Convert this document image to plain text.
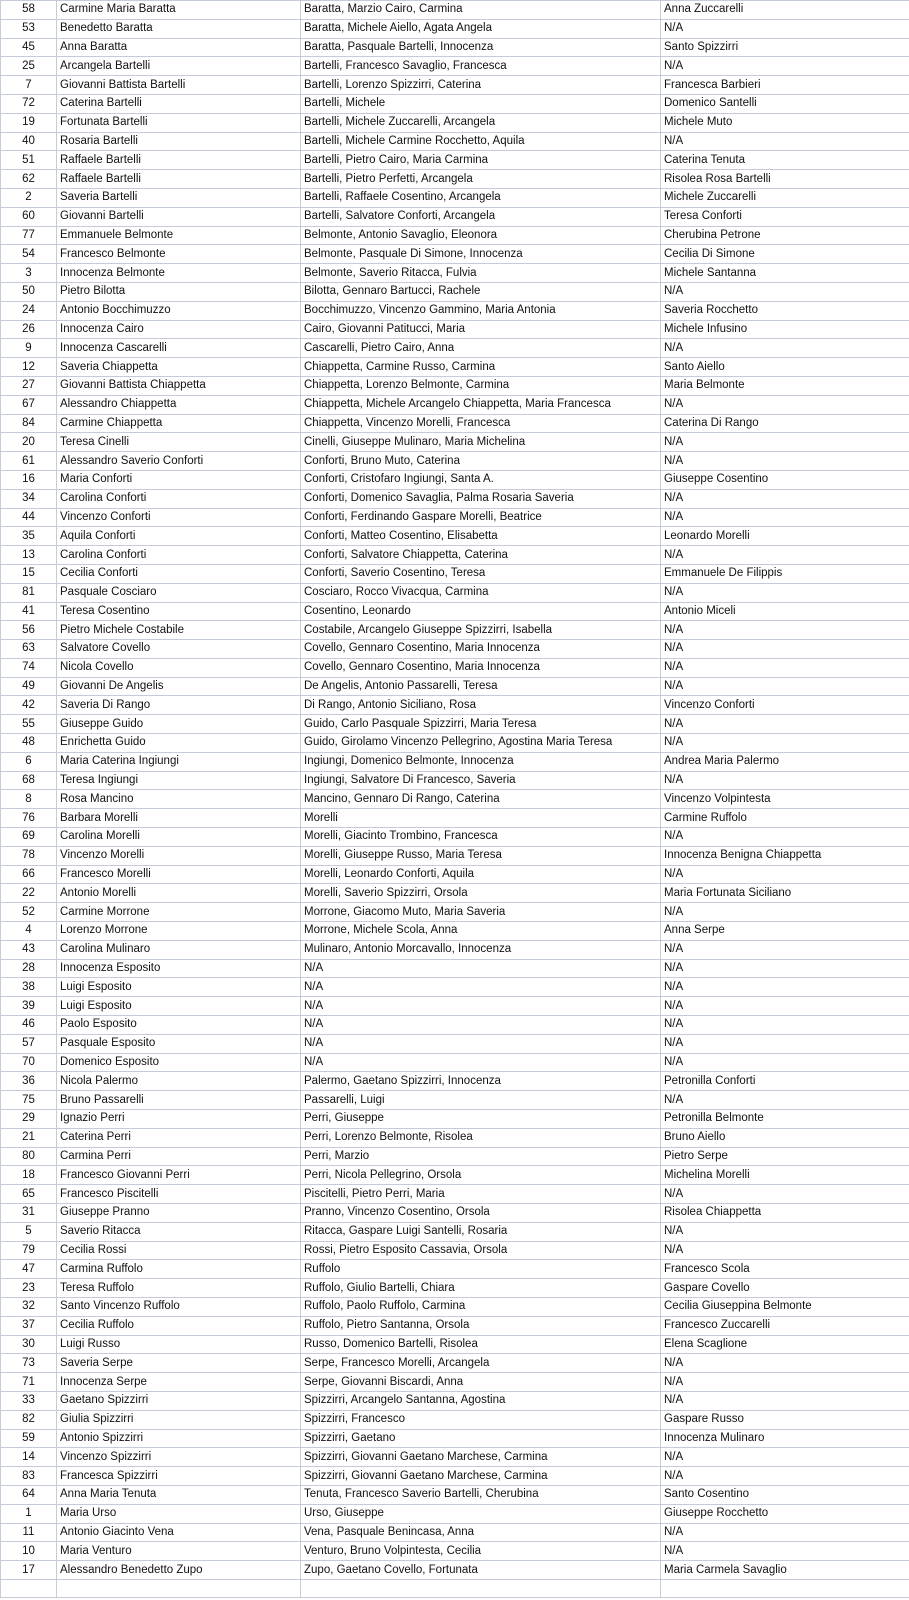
58	Carmine Maria Baratta	Baratta, Marzio Cairo, Carmina	Anna Zuccarelli
53	Benedetto Baratta	Baratta, Michele Aiello, Agata Angela	N/A
45	Anna Baratta	Baratta, Pasquale Bartelli, Innocenza	Santo Spizzirri
25	Arcangela Bartelli	Bartelli, Francesco Savaglio, Francesca	N/A
7	Giovanni Battista Bartelli	Bartelli, Lorenzo Spizzirri, Caterina	Francesca Barbieri
72	Caterina Bartelli	Bartelli, Michele	Domenico Santelli
19	Fortunata Bartelli	Bartelli, Michele Zuccarelli, Arcangela	Michele Muto
40	Rosaria Bartelli	Bartelli, Michele Carmine Rocchetto, Aquila	N/A
51	Raffaele Bartelli	Bartelli, Pietro Cairo, Maria Carmina	Caterina Tenuta
62	Raffaele Bartelli	Bartelli, Pietro Perfetti, Arcangela	Risolea Rosa Bartelli
2	Saveria Bartelli	Bartelli, Raffaele Cosentino, Arcangela	Michele Zuccarelli
60	Giovanni Bartelli	Bartelli, Salvatore Conforti, Arcangela	Teresa Conforti
77	Emmanuele Belmonte	Belmonte, Antonio Savaglio, Eleonora	Cherubina Petrone
54	Francesco Belmonte	Belmonte, Pasquale Di Simone, Innocenza	Cecilia Di Simone
3	Innocenza Belmonte	Belmonte, Saverio Ritacca, Fulvia	Michele Santanna
50	Pietro Bilotta	Bilotta, Gennaro Bartucci, Rachele	N/A
24	Antonio Bocchimuzzo	Bocchimuzzo, Vincenzo Gammino, Maria Antonia	Saveria Rocchetto
26	Innocenza Cairo	Cairo, Giovanni Patitucci, Maria	Michele Infusino
9	Innocenza Cascarelli	Cascarelli, Pietro Cairo, Anna	N/A
12	Saveria Chiappetta	Chiappetta, Carmine Russo, Carmina	Santo Aiello
27	Giovanni Battista Chiappetta	Chiappetta, Lorenzo Belmonte, Carmina	Maria Belmonte
67	Alessandro Chiappetta	Chiappetta, Michele Arcangelo Chiappetta, Maria Francesca	N/A
84	Carmine Chiappetta	Chiappetta, Vincenzo Morelli, Francesca	Caterina Di Rango
20	Teresa Cinelli	Cinelli, Giuseppe Mulinaro, Maria Michelina	N/A
61	Alessandro Saverio Conforti	Conforti, Bruno Muto, Caterina	N/A
16	Maria Conforti	Conforti, Cristofaro Ingiungi, Santa A.	Giuseppe Cosentino
34	Carolina Conforti	Conforti, Domenico Savaglia, Palma Rosaria Saveria	N/A
44	Vincenzo Conforti	Conforti, Ferdinando Gaspare Morelli, Beatrice	N/A
35	Aquila Conforti	Conforti, Matteo Cosentino, Elisabetta	Leonardo Morelli
13	Carolina Conforti	Conforti, Salvatore Chiappetta, Caterina	N/A
15	Cecilia Conforti	Conforti, Saverio Cosentino, Teresa	Emmanuele De Filippis
81	Pasquale Cosciaro	Cosciaro, Rocco Vivacqua, Carmina	N/A
41	Teresa Cosentino	Cosentino, Leonardo	Antonio Miceli
56	Pietro Michele Costabile	Costabile, Arcangelo Giuseppe Spizzirri, Isabella	N/A
63	Salvatore Covello	Covello, Gennaro Cosentino, Maria Innocenza	N/A
74	Nicola Covello	Covello, Gennaro Cosentino, Maria Innocenza	N/A
49	Giovanni De Angelis	De Angelis, Antonio Passarelli, Teresa	N/A
42	Saveria Di Rango	Di Rango, Antonio Siciliano, Rosa	Vincenzo Conforti
55	Giuseppe Guido	Guido, Carlo Pasquale Spizzirri, Maria Teresa	N/A
48	Enrichetta Guido	Guido, Girolamo Vincenzo Pellegrino, Agostina Maria Teresa	N/A
6	Maria Caterina Ingiungi	Ingiungi, Domenico Belmonte, Innocenza	Andrea Maria Palermo
68	Teresa Ingiungi	Ingiungi, Salvatore Di Francesco, Saveria	N/A
8	Rosa Mancino	Mancino, Gennaro Di Rango, Caterina	Vincenzo Volpintesta
76	Barbara Morelli	Morelli	Carmine Ruffolo
69	Carolina Morelli	Morelli, Giacinto Trombino, Francesca	N/A
78	Vincenzo Morelli	Morelli, Giuseppe Russo, Maria Teresa	Innocenza Benigna Chiappetta
66	Francesco Morelli	Morelli, Leonardo Conforti, Aquila	N/A
22	Antonio Morelli	Morelli, Saverio Spizzirri, Orsola	Maria Fortunata Siciliano
52	Carmine Morrone	Morrone, Giacomo Muto, Maria Saveria	N/A
4	Lorenzo Morrone	Morrone, Michele Scola, Anna	Anna Serpe
43	Carolina Mulinaro	Mulinaro, Antonio Morcavallo, Innocenza	N/A
28	Innocenza Esposito	N/A	N/A
38	Luigi Esposito	N/A	N/A
39	Luigi Esposito	N/A	N/A
46	Paolo Esposito	N/A	N/A
57	Pasquale Esposito	N/A	N/A
70	Domenico Esposito	N/A	N/A
36	Nicola Palermo	Palermo, Gaetano Spizzirri, Innocenza	Petronilla Conforti
75	Bruno Passarelli	Passarelli, Luigi	N/A
29	Ignazio Perri	Perri, Giuseppe	Petronilla Belmonte
21	Caterina Perri	Perri, Lorenzo Belmonte, Risolea	Bruno Aiello
80	Carmina Perri	Perri, Marzio	Pietro Serpe
18	Francesco Giovanni Perri	Perri, Nicola Pellegrino, Orsola	Michelina Morelli
65	Francesco Piscitelli	Piscitelli, Pietro Perri, Maria	N/A
31	Giuseppe Pranno	Pranno, Vincenzo Cosentino, Orsola	Risolea Chiappetta
5	Saverio Ritacca	Ritacca, Gaspare Luigi Santelli, Rosaria	N/A
79	Cecilia Rossi	Rossi, Pietro Esposito Cassavia, Orsola	N/A
47	Carmina Ruffolo	Ruffolo	Francesco Scola
23	Teresa Ruffolo	Ruffolo, Giulio Bartelli, Chiara	Gaspare Covello
32	Santo Vincenzo Ruffolo	Ruffolo, Paolo Ruffolo, Carmina	Cecilia Giuseppina Belmonte
37	Cecilia Ruffolo	Ruffolo, Pietro Santanna, Orsola	Francesco Zuccarelli
30	Luigi Russo	Russo, Domenico Bartelli, Risolea	Elena Scaglione
73	Saveria Serpe	Serpe, Francesco Morelli, Arcangela	N/A
71	Innocenza Serpe	Serpe, Giovanni Biscardi, Anna	N/A
33	Gaetano Spizzirri	Spizzirri, Arcangelo Santanna, Agostina	N/A
82	Giulia Spizzirri	Spizzirri, Francesco	Gaspare Russo
59	Antonio Spizzirri	Spizzirri, Gaetano	Innocenza Mulinaro
14	Vincenzo Spizzirri	Spizzirri, Giovanni Gaetano Marchese, Carmina	N/A
83	Francesca Spizzirri	Spizzirri, Giovanni Gaetano Marchese, Carmina	N/A
64	Anna Maria Tenuta	Tenuta, Francesco Saverio Bartelli, Cherubina	Santo Cosentino
1	Maria Urso	Urso, Giuseppe	Giuseppe Rocchetto
11	Antonio Giacinto Vena	Vena, Pasquale Benincasa, Anna	N/A
10	Maria Venturo	Venturo, Bruno Volpintesta, Cecilia	N/A
17	Alessandro Benedetto Zupo	Zupo, Gaetano Covello, Fortunata	Maria Carmela Savaglio
